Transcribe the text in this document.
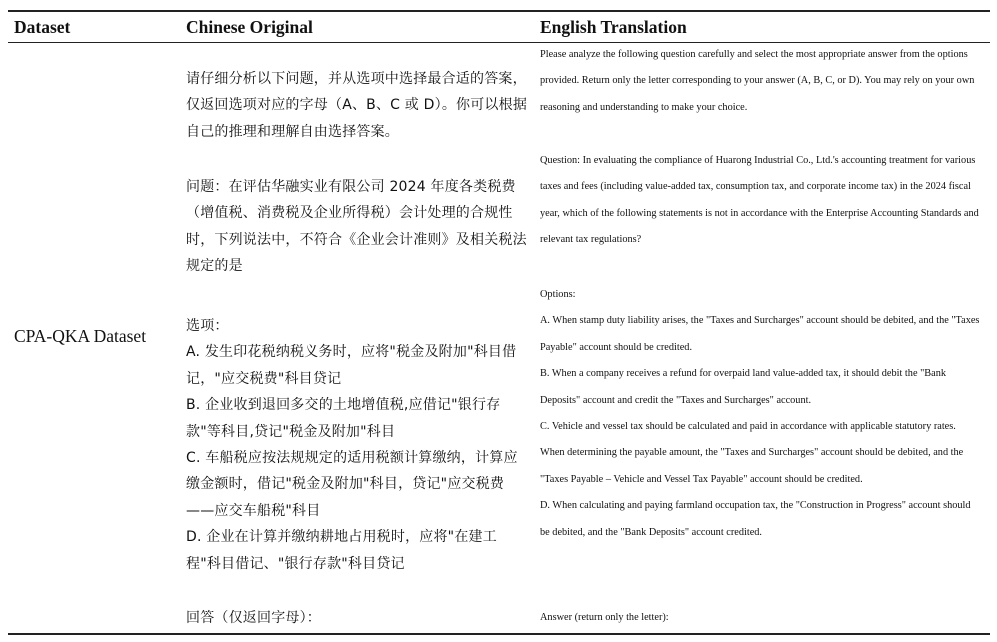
Dataset	Chinese Original	English Translation
CPA-QKA Dataset

请仔细分析以下问题，并从选项中选择最合适的答案，仅返回选项对应的字母（A、B、C 或 D）。你可以根据自己的推理和理解自由选择答案。

问题：在评估华融实业有限公司 2024 年度各类税费（增值税、消费税及企业所得税）会计处理的合规性时，下列说法中，不符合《企业会计准则》及相关税法规定的是

选项：

A. 发生印花税纳税义务时，应将"税金及附加"科目借记，"应交税费"科目贷记

B. 企业收到退回多交的土地增值税,应借记"银行存款"等科目,贷记"税金及附加"科目

C. 车船税应按法规规定的适用税额计算缴纳，计算应缴金额时，借记"税金及附加"科目，贷记"应交税费——应交车船税"科目

D. 企业在计算并缴纳耕地占用税时，应将"在建工程"科目借记、"银行存款"科目贷记

回答（仅返回字母）：

Please analyze the following question carefully and select the most appropriate answer from the options provided. Return only the letter corresponding to your answer (A, B, C, or D). You may rely on your own reasoning and understanding to make your choice.

Question: In evaluating the compliance of Huarong Industrial Co., Ltd.'s accounting treatment for various taxes and fees (including value-added tax, consumption tax, and corporate income tax) in the 2024 fiscal year, which of the following statements is not in accordance with the Enterprise Accounting Standards and relevant tax regulations?

Options:

A. When stamp duty liability arises, the "Taxes and Surcharges" account should be debited, and the "Taxes Payable" account should be credited.

B. When a company receives a refund for overpaid land value-added tax, it should debit the "Bank Deposits" account and credit the "Taxes and Surcharges" account.

C. Vehicle and vessel tax should be calculated and paid in accordance with applicable statutory rates. When determining the payable amount, the "Taxes and Surcharges" account should be debited, and the "Taxes Payable – Vehicle and Vessel Tax Payable" account should be credited.

D. When calculating and paying farmland occupation tax, the "Construction in Progress" account should be debited, and the "Bank Deposits" account credited.

Answer (return only the letter):
